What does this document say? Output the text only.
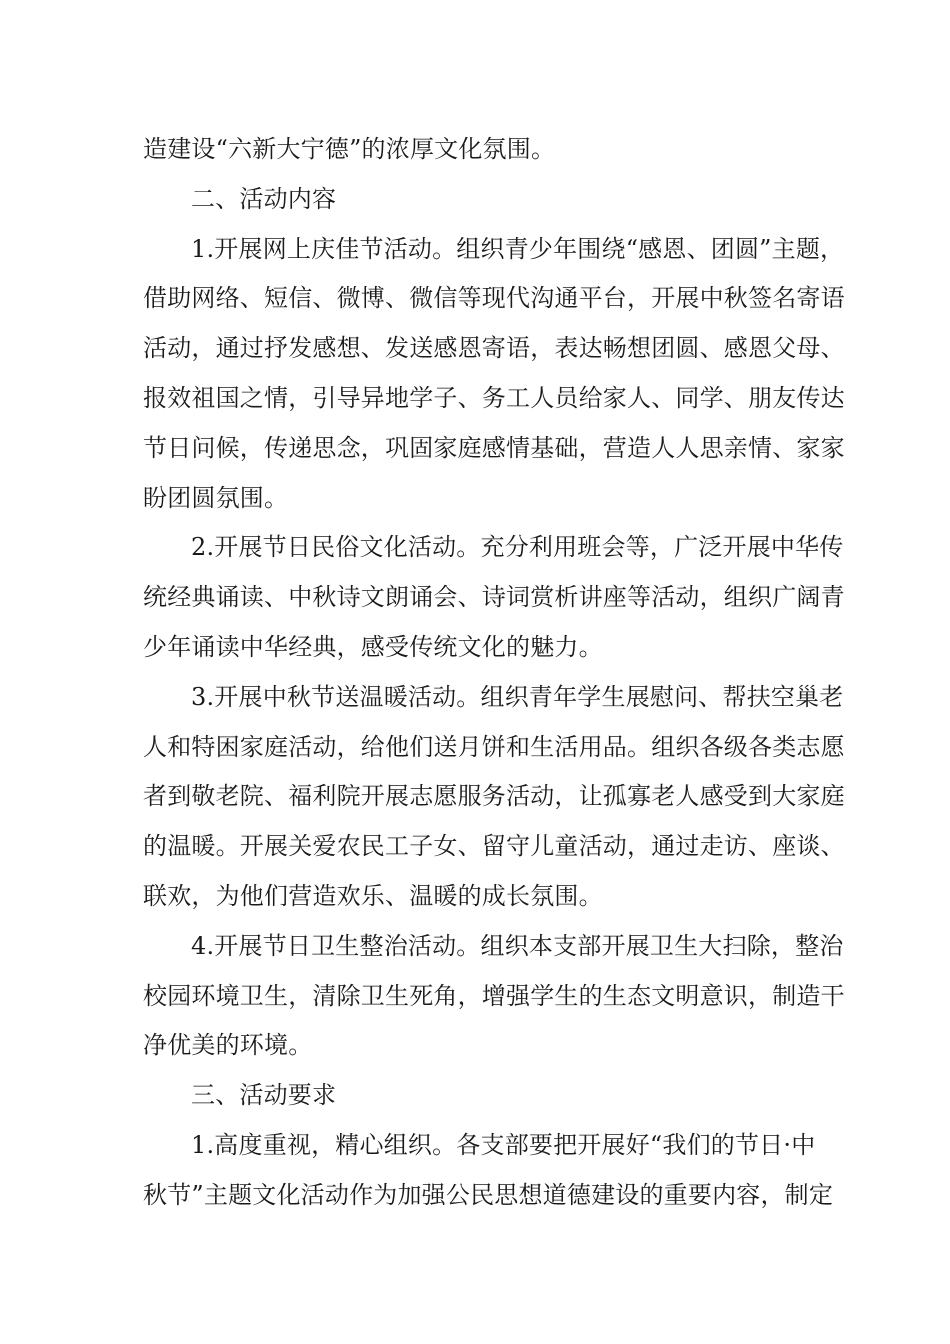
造建设“六新大宁德”的浓厚文化氛围。
二、活动内容
1.开展网上庆佳节活动。组织青少年围绕“感恩、团圆”主题，
借助网络、短信、微博、微信等现代沟通平台，开展中秋签名寄语
活动，通过抒发感想、发送感恩寄语，表达畅想团圆、感恩父母、
报效祖国之情，引导异地学子、务工人员给家人、同学、朋友传达
节日问候，传递思念，巩固家庭感情基础，营造人人思亲情、家家
盼团圆氛围。
2.开展节日民俗文化活动。充分利用班会等，广泛开展中华传
统经典诵读、中秋诗文朗诵会、诗词赏析讲座等活动，组织广阔青
少年诵读中华经典，感受传统文化的魅力。
3.开展中秋节送温暖活动。组织青年学生展慰问、帮扶空巢老
人和特困家庭活动，给他们送月饼和生活用品。组织各级各类志愿
者到敬老院、福利院开展志愿服务活动，让孤寡老人感受到大家庭
的温暖。开展关爱农民工子女、留守儿童活动，通过走访、座谈、
联欢，为他们营造欢乐、温暖的成长氛围。
4.开展节日卫生整治活动。组织本支部开展卫生大扫除，整治
校园环境卫生，清除卫生死角，增强学生的生态文明意识，制造干
净优美的环境。
三、活动要求
1.高度重视，精心组织。各支部要把开展好“我们的节日·中
秋节”主题文化活动作为加强公民思想道德建设的重要内容，制定
